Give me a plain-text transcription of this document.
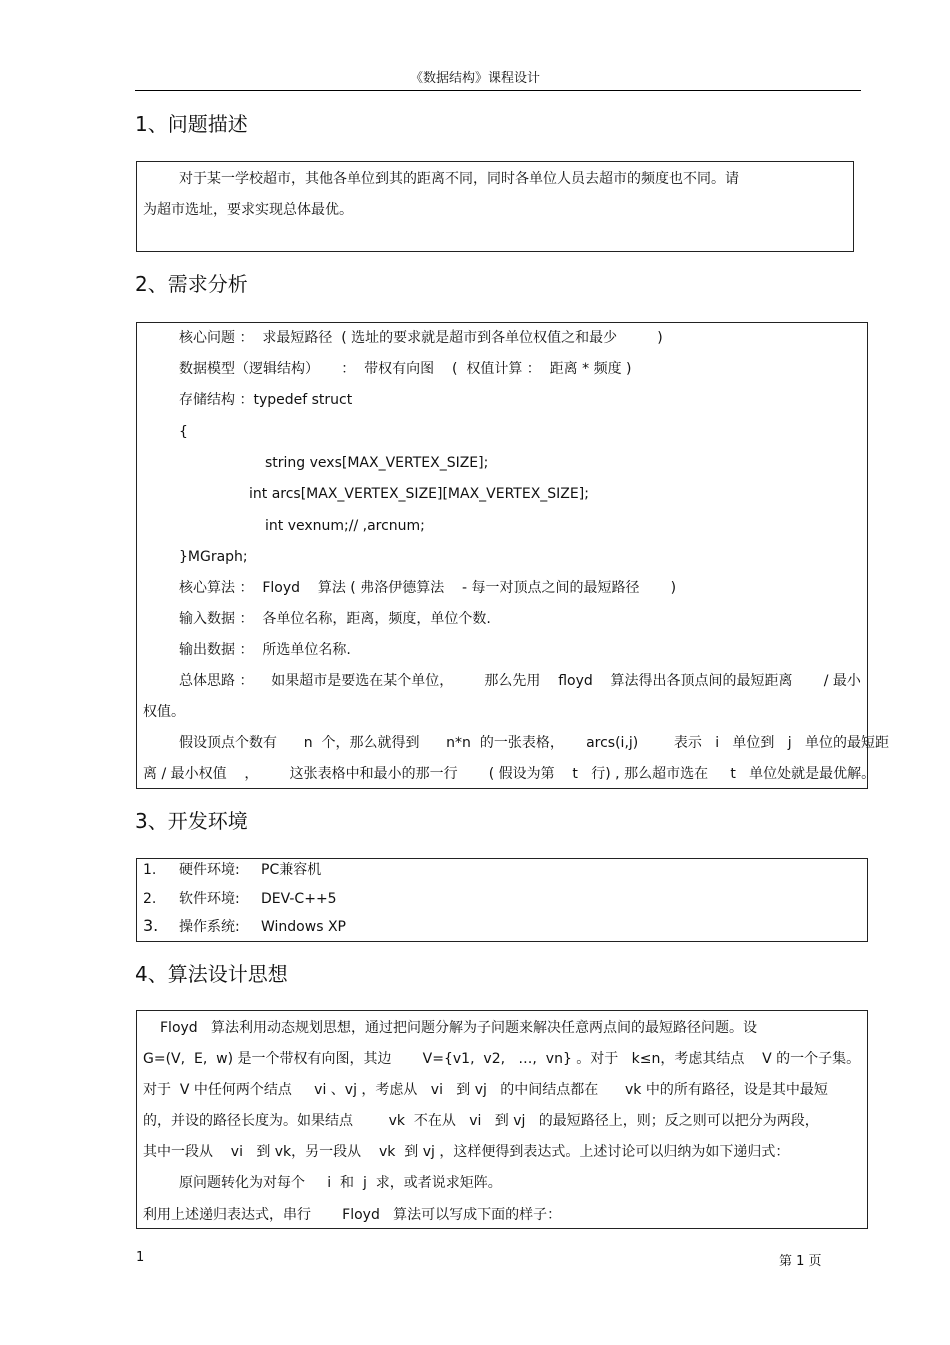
《数据结构》课程设计
1、问题描述
对于某一学校超市，其他各单位到其的距离不同，同时各单位人员去超市的频度也不同。请
为超市选址，要求实现总体最优。
2、需求分析
核心问题 ：  求最短路径  ( 选址的要求就是超市到各单位权值之和最少         )
数据模型（逻辑结构）     ：  带权有向图    (  权值计算 ：  距离 * 频度 )
存储结构 ：typedef struct
{
string vexs[MAX_VERTEX_SIZE];
int arcs[MAX_VERTEX_SIZE][MAX_VERTEX_SIZE];
int vexnum;// ,arcnum;
}MGraph;
核心算法 ：  Floyd    算法 ( 弗洛伊德算法    - 每一对顶点之间的最短路径       )
输入数据 ：  各单位名称，距离，频度，单位个数.
输出数据 ：  所选单位名称.
总体思路 ：    如果超市是要选在某个单位，       那么先用    floyd    算法得出各顶点间的最短距离       / 最小
权值。
假设顶点个数有      n  个，那么就得到      n*n  的一张表格，     arcs(i,j)        表示   i   单位到   j   单位的最短距
离 / 最小权值    ，       这张表格中和最小的那一行       ( 假设为第    t   行) , 那么超市选在     t   单位处就是最优解。
3、开发环境
1. 硬件环境: PC兼容机
2. 软件环境: DEV-C++5
3. 操作系统: Windows XP
4、算法设计思想
Floyd   算法利用动态规划思想，通过把问题分解为子问题来解决任意两点间的最短路径问题。设
G=(V,  E,  w) 是一个带权有向图，其边       V={v1,  v2,   …,  vn} 。对于   k≤n，考虑其结点    V 的一个子集。
对于  V 中任何两个结点     vi 、vj ，考虑从   vi   到 vj   的中间结点都在      vk 中的所有路径，设是其中最短
的，并设的路径长度为。如果结点        vk  不在从   vi   到 vj   的最短路径上，则；反之则可以把分为两段，
其中一段从    vi   到 vk，另一段从    vk  到 vj ，这样便得到表达式。上述讨论可以归纳为如下递归式：
原问题转化为对每个     i  和  j  求，或者说求矩阵。
利用上述递归表达式，串行       Floyd   算法可以写成下面的样子：
1	第 1 页
